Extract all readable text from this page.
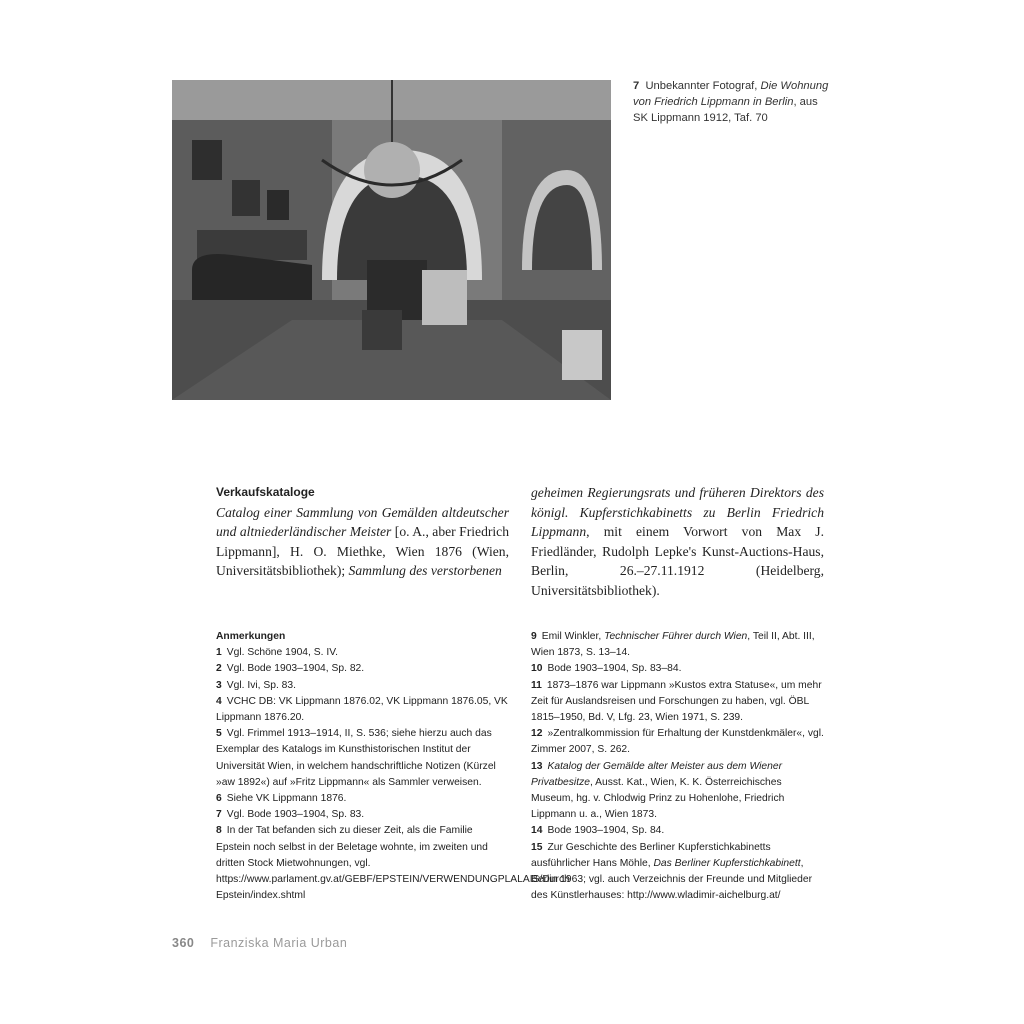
7 Unbekannter Fotograf, Die Wohnung von Friedrich Lippmann in Berlin, aus SK Lippmann 1912, Taf. 70
Verkaufskataloge
Catalog einer Sammlung von Gemälden altdeutscher und altniederländischer Meister [o. A., aber Friedrich Lippmann], H. O. Miethke, Wien 1876 (Wien, Universitätsbibliothek); Sammlung des verstorbenen
geheimen Regierungsrats und früheren Direktors des königl. Kupferstichkabinetts zu Berlin Friedrich Lippmann, mit einem Vorwort von Max J. Friedländer, Rudolph Lepke's Kunst-Auctions-Haus, Berlin, 26.–27.11.1912 (Heidelberg, Universitätsbibliothek).
Anmerkungen

1 Vgl. Schöne 1904, S. IV.

2 Vgl. Bode 1903–1904, Sp. 82.

3 Vgl. Ivi, Sp. 83.

4 VCHC DB: VK Lippmann 1876.02, VK Lippmann 1876.05, VK Lippmann 1876.20.

5 Vgl. Frimmel 1913–1914, II, S. 536; siehe hierzu auch das Exemplar des Katalogs im Kunsthistorischen Institut der Universität Wien, in welchem handschriftliche Notizen (Kürzel »aw 1892«) auf »Fritz Lippmann« als Sammler verweisen.

6 Siehe VK Lippmann 1876.

7 Vgl. Bode 1903–1904, Sp. 83.

8 In der Tat befanden sich zu dieser Zeit, als die Familie Epstein noch selbst in der Beletage wohnte, im zweiten und dritten Stock Mietwohnungen, vgl. https://www.parlament.gv.at/GEBF/EPSTEIN/VERWENDUNGPLALAIS/Durch Epstein/index.shtml

9 Emil Winkler, Technischer Führer durch Wien, Teil II, Abt. III, Wien 1873, S. 13–14.

10 Bode 1903–1904, Sp. 83–84.

11 1873–1876 war Lippmann »Kustos extra Statuse«, um mehr Zeit für Auslandsreisen und Forschungen zu haben, vgl. ÖBL 1815–1950, Bd. V, Lfg. 23, Wien 1971, S. 239.

12 »Zentralkommission für Erhaltung der Kunstdenkmäler«, vgl. Zimmer 2007, S. 262.

13 Katalog der Gemälde alter Meister aus dem Wiener Privatbesitze, Ausst. Kat., Wien, K. K. Österreichisches Museum, hg. v. Chlodwig Prinz zu Hohenlohe, Friedrich Lippmann u. a., Wien 1873.

14 Bode 1903–1904, Sp. 84.

15 Zur Geschichte des Berliner Kupferstichkabinetts ausführlicher Hans Möhle, Das Berliner Kupferstichkabinett, Berlin 1963; vgl. auch Verzeichnis der Freunde und Mitglieder des Künstlerhauses: http://www.wladimir-aichelburg.at/

360 Franziska Maria Urban
